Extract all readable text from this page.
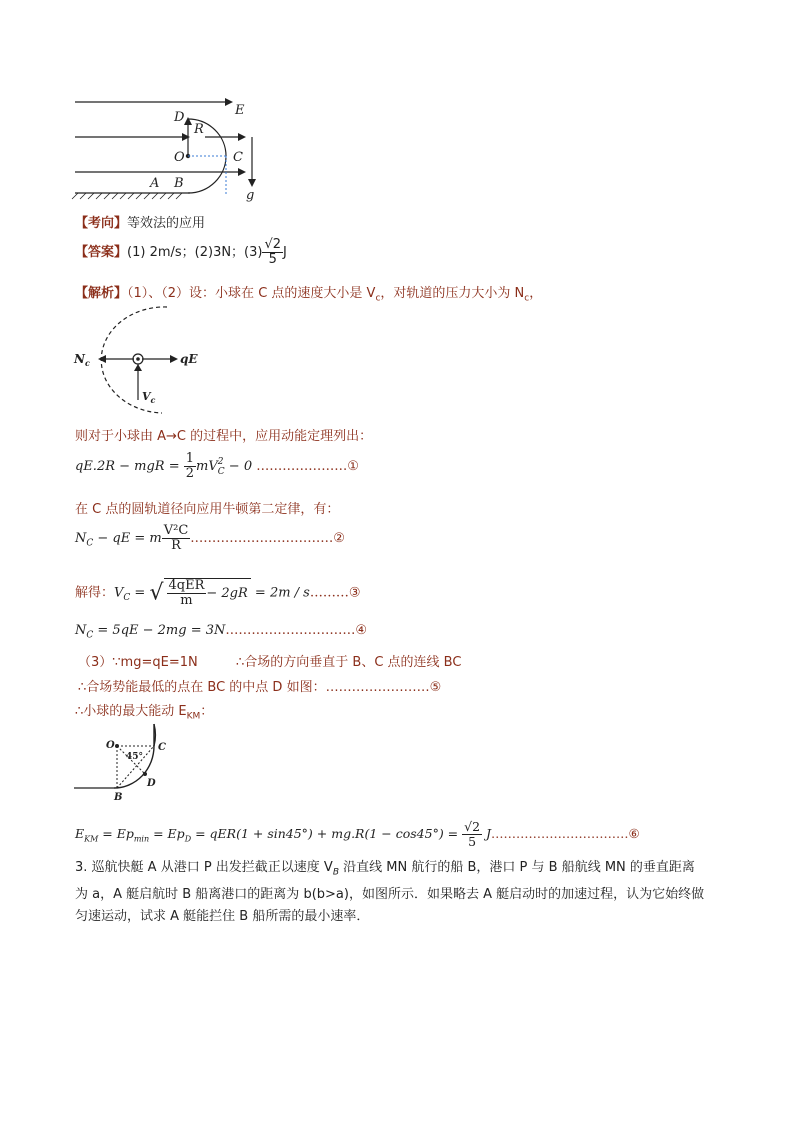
E
D
R
O	C
A B
g
【考向】等效法的应用
【答案】(1) 2m/s；(2)3N；$(3) \frac{√2}{5}$ J
【解析】（1）、（2）设：小球在 C 点的速度大小是 $V_c$，对轨道的压力大小为 $N_c$，
$N_c$	qE
$V_c$
则对于小球由 A→C 的过程中，应用动能定理列出：
qE.2R − mgR = $\frac{1}{2}$ mV 2
C − 0 …………………①
在 C 点的圆轨道径向应用牛顿第二定律，有：
$N_C$ − qE = m $\frac{\text{V²C}}{R}$ ……………………………②
解得：$V_C$ = √ $\frac{\text{4qER}}{m} - 2gR = 2m$ / s………③
$N_C = 5qE - 2mg$ = 3N…………………………④
（3）∵mg=qE=1N	∴合场的方向垂直于 B、C 点的连线 BC
∴合场势能最低的点在 BC 的中点 D 如图：……………………⑤
∴小球的最大能动 $E_{KM}$：
O	C
B
D
45°
$E_{KM} = Ep_{min} = Ep_D = qER(1 + \sin 45^\circ) + mg.R(1 - \cos 45^\circ) = \frac{√2}{5}$ J……………………………⑥
3. 巡航快艇 A 从港口 P 出发拦截正以速度 $V_B$ 沿直线 MN 航行的船 B，港口 P 与 B 船航线 MN 的垂直距离
为 a，A 艇启航时 B 船离港口的距离为 b(b>a)，如图所示．如果略去 A 艇启动时的加速过程，认为它始终做
匀速运动，试求 A 艇能拦住 B 船所需的最小速率．
